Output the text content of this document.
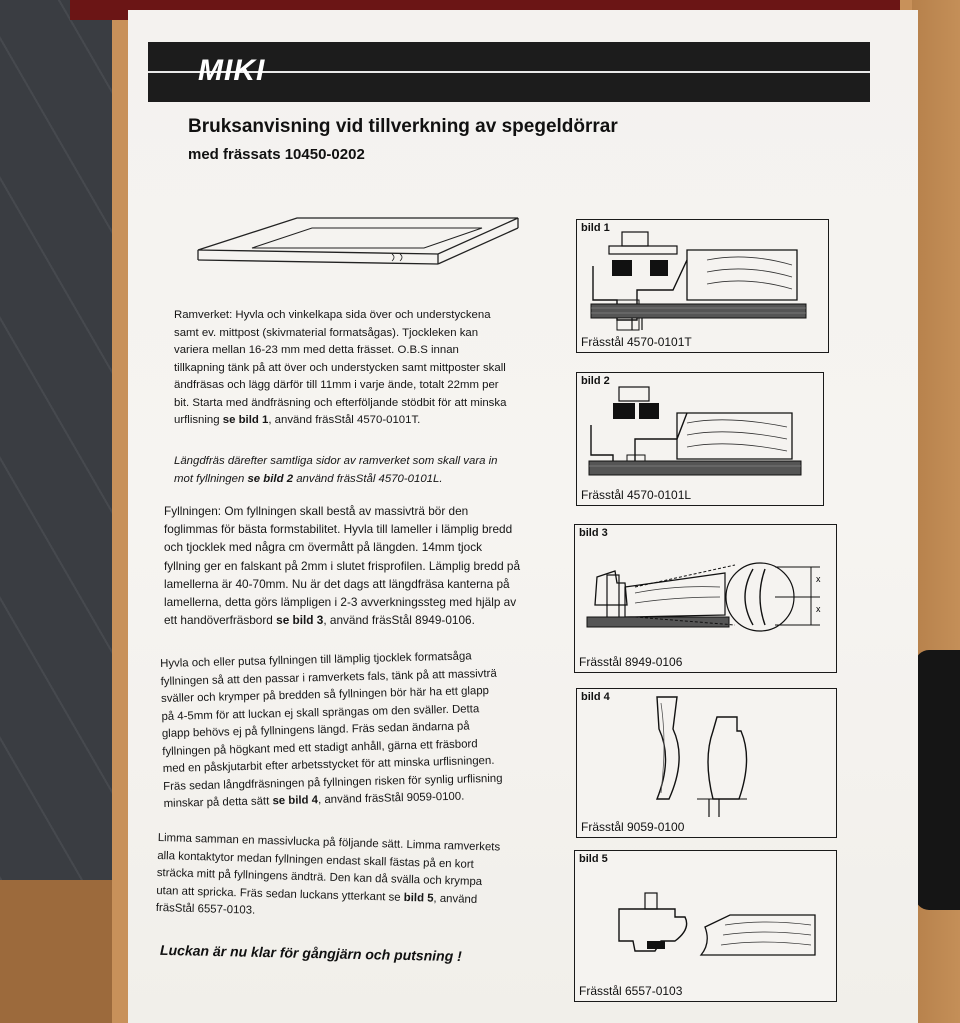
MIKI
Bruksanvisning vid tillverkning av spegeldörrar
med frässats 10450-0202
Ramverket: Hyvla och vinkelkapa sida över och understyckena
samt ev. mittpost (skivmaterial formatsågas). Tjockleken kan
variera mellan 16-23 mm med detta frässet. O.B.S innan
tillkapning tänk på att över och understycken samt mittposter skall
ändfräsas och lägg därför till 11mm i varje ände, totalt 22mm per
bit. Starta med ändfräsning och efterföljande stödbit för att minska
urflisning se bild 1, använd fräsStål 4570-0101T.
Längdfräs därefter samtliga sidor av ramverket som skall vara in
mot fyllningen se bild 2 använd fräsStål 4570-0101L.
Fyllningen: Om fyllningen skall bestå av massivträ bör den
foglimmas för bästa formstabilitet. Hyvla till lameller i lämplig bredd
och tjocklek med några cm övermått på längden. 14mm tjock
fyllning ger en falskant på 2mm i slutet frisprofilen. Lämplig bredd på
lamellerna är 40-70mm. Nu är det dags att längdfräsa kanterna på
lamellerna, detta görs lämpligen i 2-3 avverkningssteg med hjälp av
ett handöverfräsbord se bild 3, använd fräsStål 8949-0106.
Hyvla och eller putsa fyllningen till lämplig tjocklek formatsåga
fyllningen så att den passar i ramverkets fals, tänk på att massivträ
sväller och krymper på bredden så fyllningen bör här ha ett glapp
på 4-5mm för att luckan ej skall sprängas om den sväller. Detta
glapp behövs ej på fyllningens längd. Fräs sedan ändarna på
fyllningen på högkant med ett stadigt anhåll, gärna ett fräsbord
med en påskjutarbit efter arbetsstycket för att minska urflisningen.
Fräs sedan långdfräsningen på fyllningen risken för synlig urflisning
minskar på detta sätt se bild 4, använd fräsStål 9059-0100.
Limma samman en massivlucka på följande sätt. Limma ramverkets
alla kontaktytor medan fyllningen endast skall fästas på en kort
sträcka mitt på fyllningens ändträ. Den kan då svälla och krympa
utan att spricka. Fräs sedan luckans ytterkant se bild 5, använd
fräsStål 6557-0103.
Luckan är nu klar för gångjärn och putsning !
bild 1
Frässtål 4570-0101T
bild 2
Frässtål 4570-0101L
bild 3
x
x
Frässtål 8949-0106
bild 4
Frässtål 9059-0100
bild 5
Frässtål 6557-0103
